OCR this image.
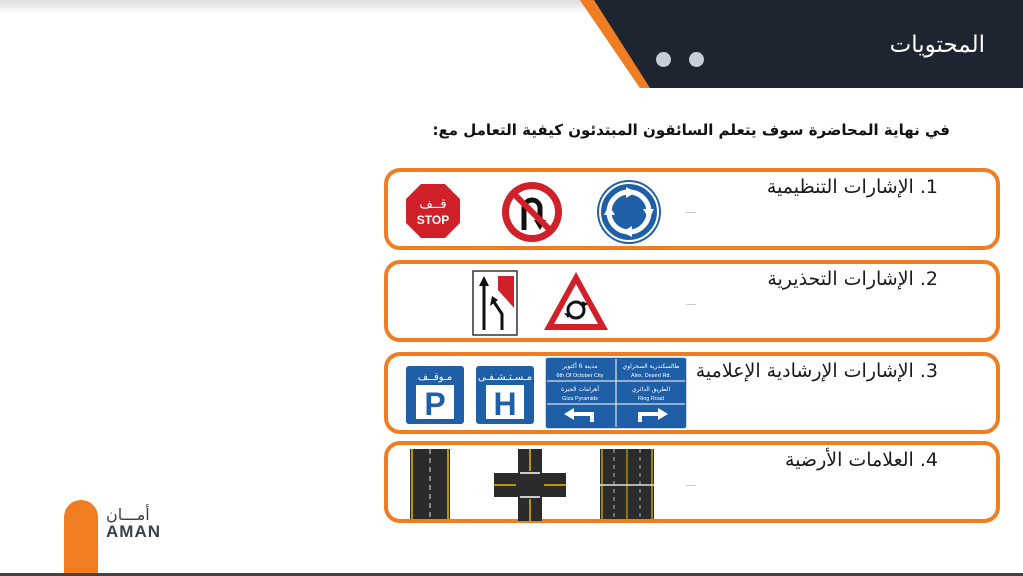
المحتويات
في نهاية المحاضرة سوف يتعلم السائقون المبتدئون كيفية التعامل مع:
1. الإشارات التنظيمية
قــف
STOP
2. الإشارات التحذيرية
3. الإشارات الإرشادية الإعلامية
مـوقــف
P
مـسـتـشـفـى
H
مدينة 6 أكتوبر
6th Of October City
طالسكندرية الصحراوي
Alex. Desert Rd.
أهرامات الجيزة
Giza Pyramids
الطريق الدائري
Ring Road
4. العلامات الأرضية
أمـــان
AMAN
